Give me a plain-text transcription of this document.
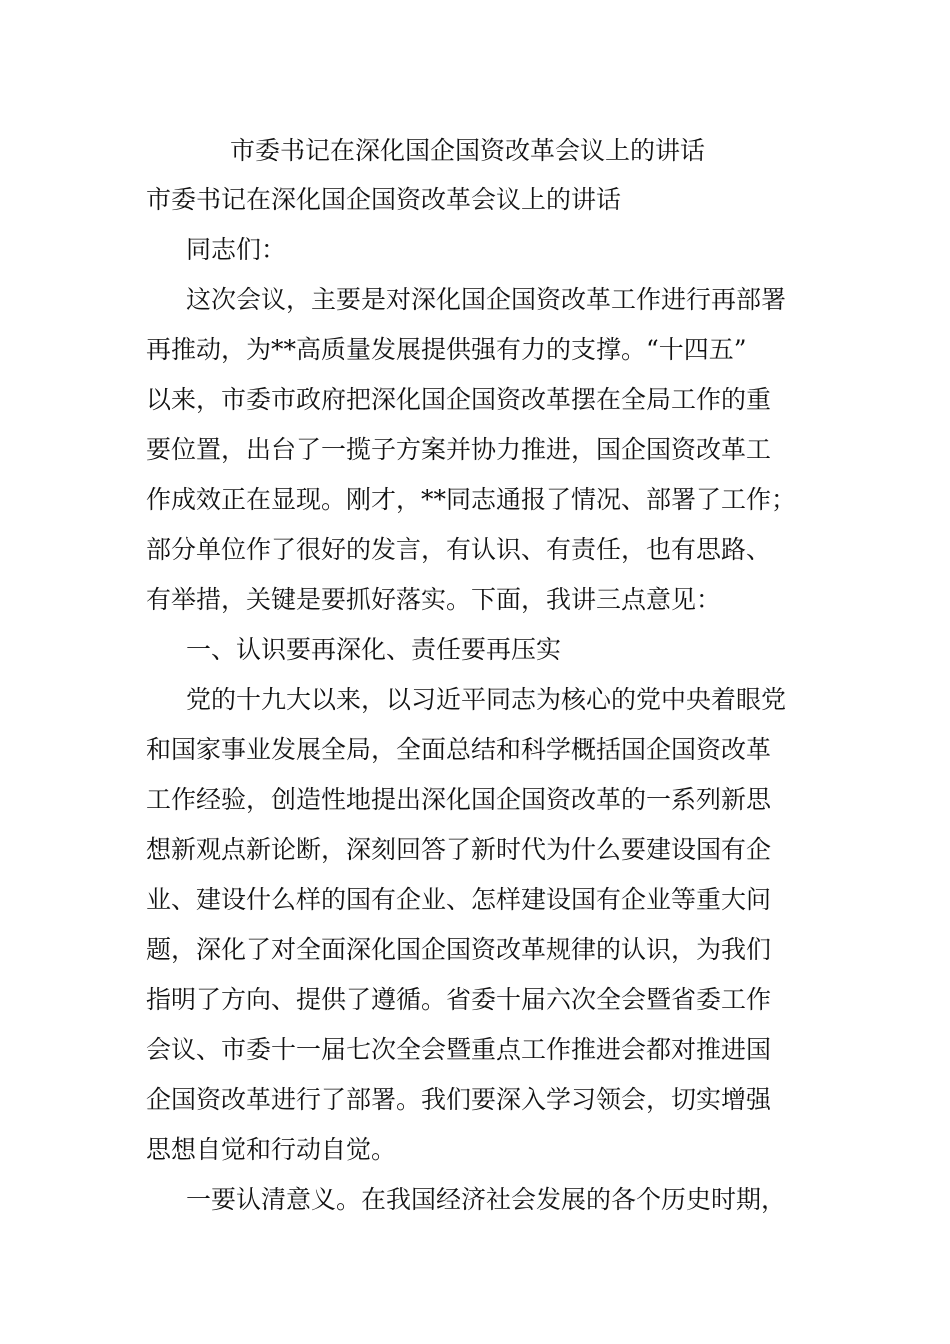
市委书记在深化国企国资改革会议上的讲话
市委书记在深化国企国资改革会议上的讲话
同志们：
这次会议，主要是对深化国企国资改革工作进行再部署
再推动，为**高质量发展提供强有力的支撑。“十四五”
以来，市委市政府把深化国企国资改革摆在全局工作的重
要位置，出台了一揽子方案并协力推进，国企国资改革工
作成效正在显现。刚才，**同志通报了情况、部署了工作；
部分单位作了很好的发言，有认识、有责任，也有思路、
有举措，关键是要抓好落实。下面，我讲三点意见：
一、认识要再深化、责任要再压实
党的十九大以来，以习近平同志为核心的党中央着眼党
和国家事业发展全局，全面总结和科学概括国企国资改革
工作经验，创造性地提出深化国企国资改革的一系列新思
想新观点新论断，深刻回答了新时代为什么要建设国有企
业、建设什么样的国有企业、怎样建设国有企业等重大问
题，深化了对全面深化国企国资改革规律的认识，为我们
指明了方向、提供了遵循。省委十届六次全会暨省委工作
会议、市委十一届七次全会暨重点工作推进会都对推进国
企国资改革进行了部署。我们要深入学习领会，切实增强
思想自觉和行动自觉。
一要认清意义。在我国经济社会发展的各个历史时期，
